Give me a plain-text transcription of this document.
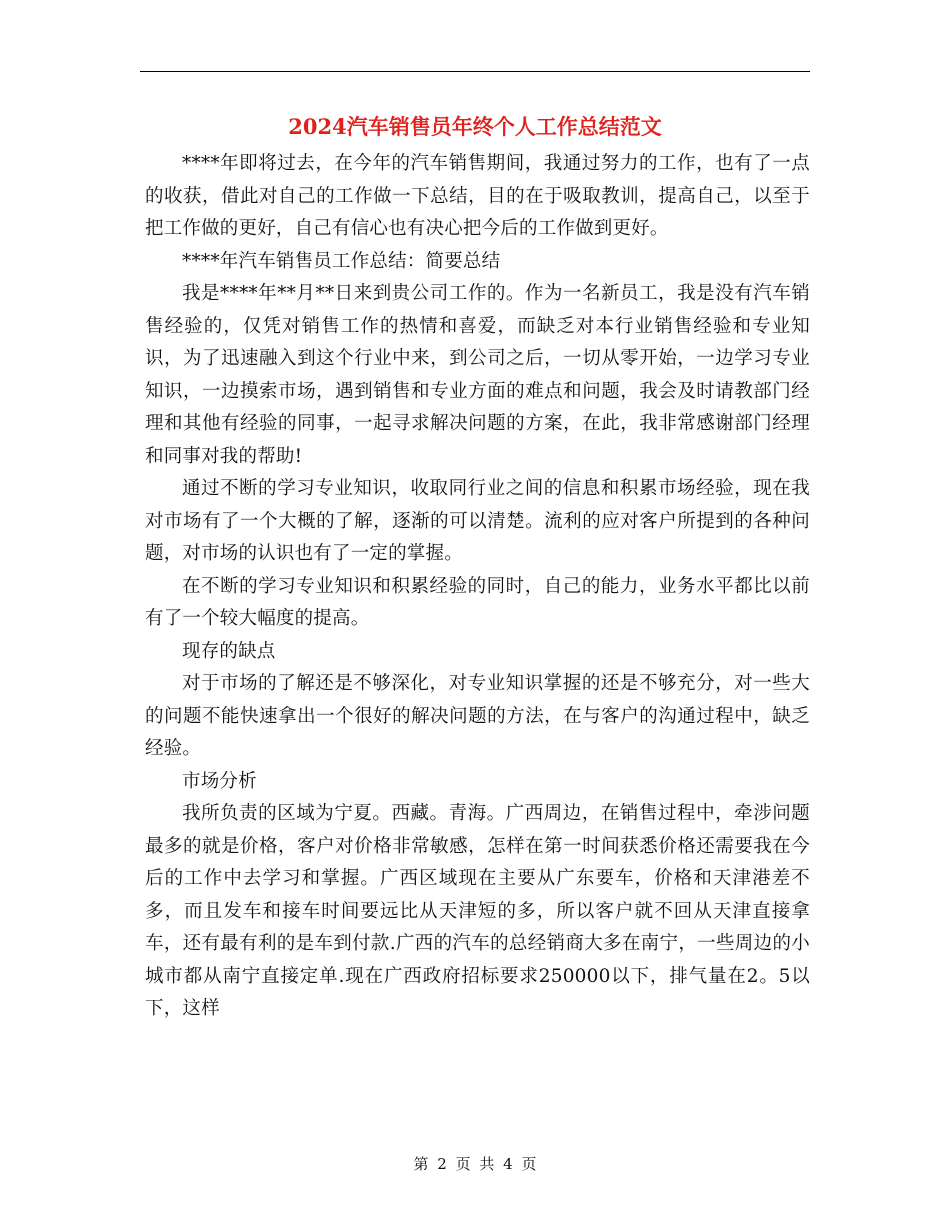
2024汽车销售员年终个人工作总结范文

****年即将过去，在今年的汽车销售期间，我通过努力的工作，也有了一点的收获，借此对自己的工作做一下总结，目的在于吸取教训，提高自己，以至于把工作做的更好，自己有信心也有决心把今后的工作做到更好。

****年汽车销售员工作总结：简要总结

我是****年**月**日来到贵公司工作的。作为一名新员工，我是没有汽车销售经验的，仅凭对销售工作的热情和喜爱，而缺乏对本行业销售经验和专业知识，为了迅速融入到这个行业中来，到公司之后，一切从零开始，一边学习专业知识，一边摸索市场，遇到销售和专业方面的难点和问题，我会及时请教部门经理和其他有经验的同事，一起寻求解决问题的方案，在此，我非常感谢部门经理和同事对我的帮助!

通过不断的学习专业知识，收取同行业之间的信息和积累市场经验，现在我对市场有了一个大概的了解，逐渐的可以清楚。流利的应对客户所提到的各种问题，对市场的认识也有了一定的掌握。

在不断的学习专业知识和积累经验的同时，自己的能力，业务水平都比以前有了一个较大幅度的提高。

现存的缺点

对于市场的了解还是不够深化，对专业知识掌握的还是不够充分，对一些大的问题不能快速拿出一个很好的解决问题的方法，在与客户的沟通过程中，缺乏经验。

市场分析

我所负责的区域为宁夏。西藏。青海。广西周边，在销售过程中，牵涉问题最多的就是价格，客户对价格非常敏感，怎样在第一时间获悉价格还需要我在今后的工作中去学习和掌握。广西区域现在主要从广东要车，价格和天津港差不多，而且发车和接车时间要远比从天津短的多，所以客户就不回从天津直接拿车，还有最有利的是车到付款.广西的汽车的总经销商大多在南宁，一些周边的小城市都从南宁直接定单.现在广西政府招标要求250000以下，排气量在2。5以下，这样

第 2 页 共 4 页
